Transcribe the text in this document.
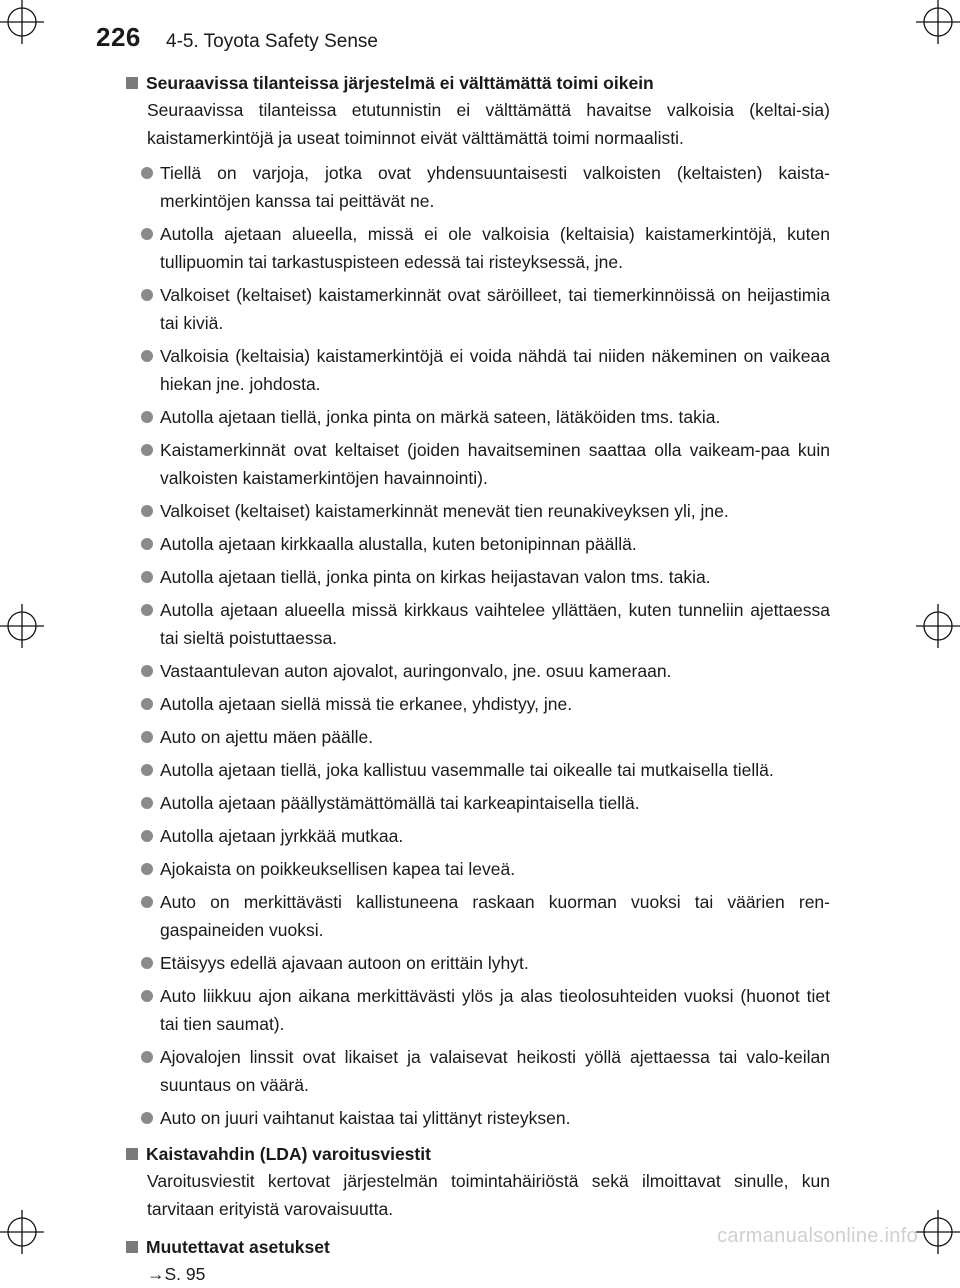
226 4-5. Toyota Safety Sense
Seuraavissa tilanteissa järjestelmä ei välttämättä toimi oikein

Seuraavissa tilanteissa etutunnistin ei välttämättä havaitse valkoisia (keltai-sia) kaistamerkintöjä ja useat toiminnot eivät välttämättä toimi normaalisti.

Tiellä on varjoja, jotka ovat yhdensuuntaisesti valkoisten (keltaisten) kaista-merkintöjen kanssa tai peittävät ne.
Autolla ajetaan alueella, missä ei ole valkoisia (keltaisia) kaistamerkintöjä, kuten tullipuomin tai tarkastuspisteen edessä tai risteyksessä, jne.
Valkoiset (keltaiset) kaistamerkinnät ovat säröilleet, tai tiemerkinnöissä on heijastimia tai kiviä.
Valkoisia (keltaisia) kaistamerkintöjä ei voida nähdä tai niiden näkeminen on vaikeaa hiekan jne. johdosta.
Autolla ajetaan tiellä, jonka pinta on märkä sateen, lätäköiden tms. takia.
Kaistamerkinnät ovat keltaiset (joiden havaitseminen saattaa olla vaikeam-paa kuin valkoisten kaistamerkintöjen havainnointi).
Valkoiset (keltaiset) kaistamerkinnät menevät tien reunakiveyksen yli, jne.
Autolla ajetaan kirkkaalla alustalla, kuten betonipinnan päällä.
Autolla ajetaan tiellä, jonka pinta on kirkas heijastavan valon tms. takia.
Autolla ajetaan alueella missä kirkkaus vaihtelee yllättäen, kuten tunneliin ajettaessa tai sieltä poistuttaessa.
Vastaantulevan auton ajovalot, auringonvalo, jne. osuu kameraan.
Autolla ajetaan siellä missä tie erkanee, yhdistyy, jne.
Auto on ajettu mäen päälle.
Autolla ajetaan tiellä, joka kallistuu vasemmalle tai oikealle tai mutkaisella tiellä.
Autolla ajetaan päällystämättömällä tai karkeapintaisella tiellä.
Autolla ajetaan jyrkkää mutkaa.
Ajokaista on poikkeuksellisen kapea tai leveä.
Auto on merkittävästi kallistuneena raskaan kuorman vuoksi tai väärien ren-gaspaineiden vuoksi.
Etäisyys edellä ajavaan autoon on erittäin lyhyt.
Auto liikkuu ajon aikana merkittävästi ylös ja alas tieolosuhteiden vuoksi (huonot tiet tai tien saumat).
Ajovalojen linssit ovat likaiset ja valaisevat heikosti yöllä ajettaessa tai valo-keilan suuntaus on väärä.
Auto on juuri vaihtanut kaistaa tai ylittänyt risteyksen.
Kaistavahdin (LDA) varoitusviestit

Varoitusviestit kertovat järjestelmän toimintahäiriöstä sekä ilmoittavat sinulle, kun tarvitaan erityistä varovaisuutta.

Muutettavat asetukset
→S. 95
carmanualsonline.info
